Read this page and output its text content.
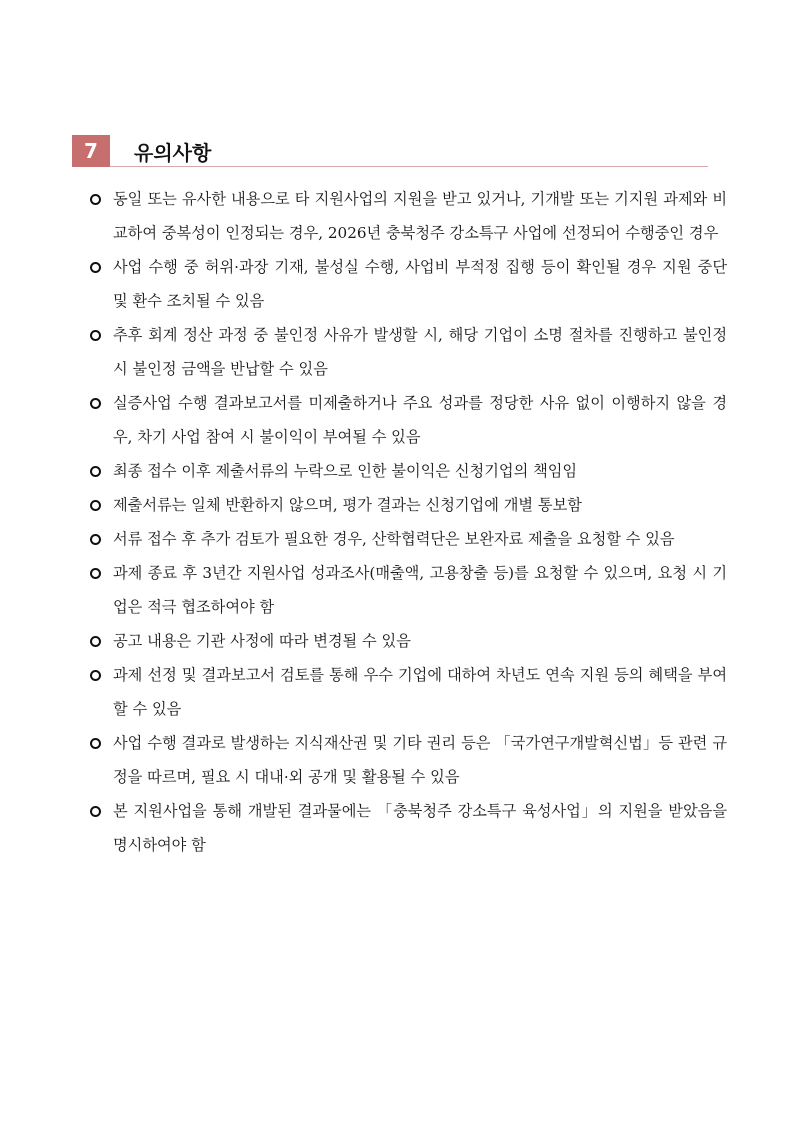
7	유의사항
동일 또는 유사한 내용으로 타 지원사업의 지원을 받고 있거나, 기개발 또는 기지원 과제와 비교하여 중복성이 인정되는 경우, 2026년 충북청주 강소특구 사업에 선정되어 수행중인 경우
사업 수행 중 허위·과장 기재, 불성실 수행, 사업비 부적정 집행 등이 확인될 경우 지원 중단 및 환수 조치될 수 있음
추후 회계 정산 과정 중 불인정 사유가 발생할 시, 해당 기업이 소명 절차를 진행하고 불인정 시 불인정 금액을 반납할 수 있음
실증사업 수행 결과보고서를 미제출하거나 주요 성과를 정당한 사유 없이 이행하지 않을 경우, 차기 사업 참여 시 불이익이 부여될 수 있음
최종 접수 이후 제출서류의 누락으로 인한 불이익은 신청기업의 책임임
제출서류는 일체 반환하지 않으며, 평가 결과는 신청기업에 개별 통보함
서류 접수 후 추가 검토가 필요한 경우, 산학협력단은 보완자료 제출을 요청할 수 있음
과제 종료 후 3년간 지원사업 성과조사(매출액, 고용창출 등)를 요청할 수 있으며, 요청 시 기업은 적극 협조하여야 함
공고 내용은 기관 사정에 따라 변경될 수 있음
과제 선정 및 결과보고서 검토를 통해 우수 기업에 대하여 차년도 연속 지원 등의 혜택을 부여할 수 있음
사업 수행 결과로 발생하는 지식재산권 및 기타 권리 등은 「국가연구개발혁신법」등 관련 규정을 따르며, 필요 시 대내·외 공개 및 활용될 수 있음
본 지원사업을 통해 개발된 결과물에는 「충북청주 강소특구 육성사업」의 지원을 받았음을 명시하여야 함
